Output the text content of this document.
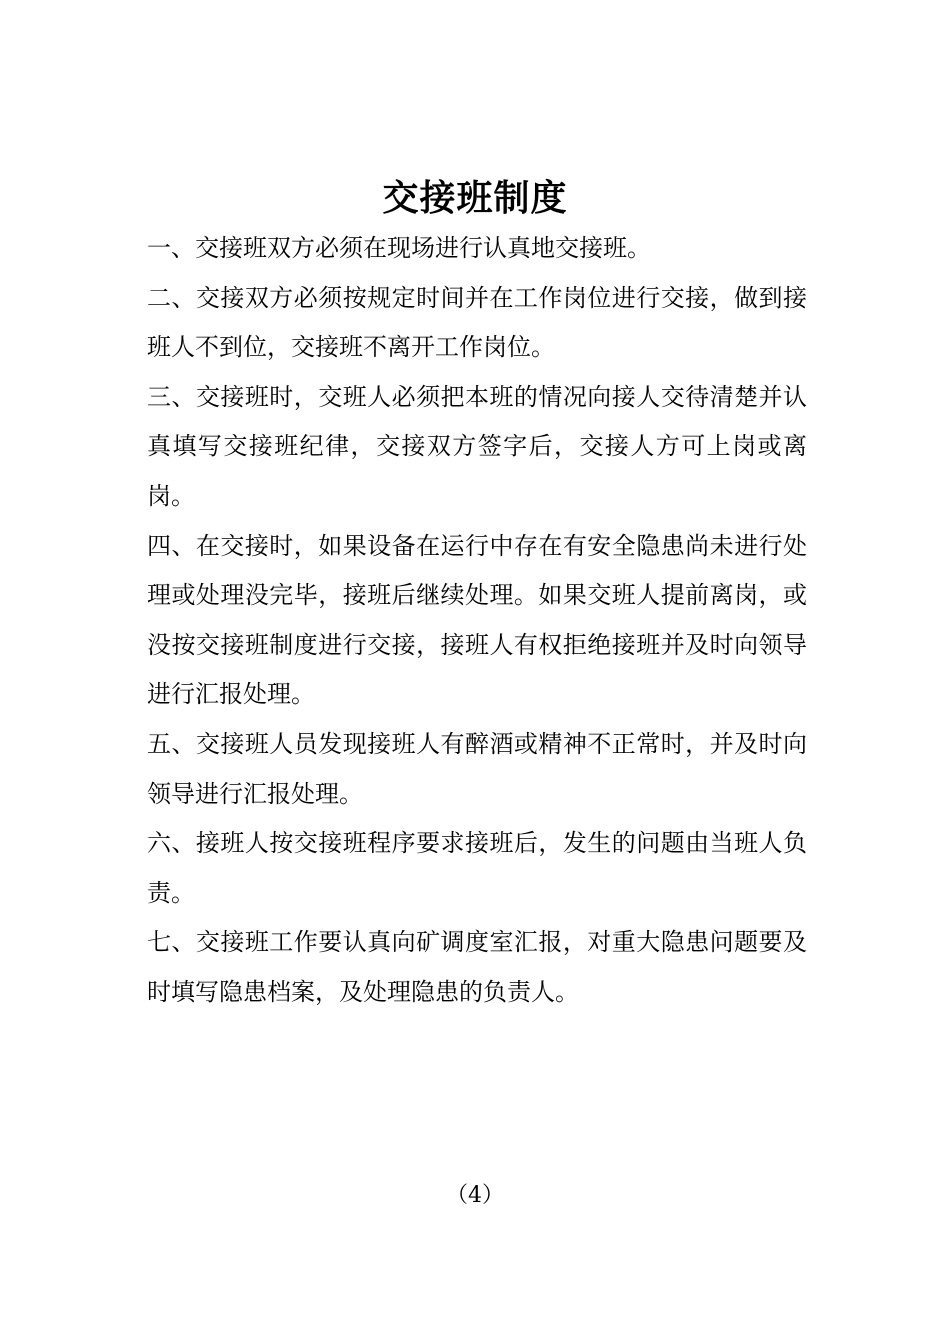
交接班制度

一、交接班双方必须在现场进行认真地交接班。

二、交接双方必须按规定时间并在工作岗位进行交接，做到接班人不到位，交接班不离开工作岗位。

三、交接班时，交班人必须把本班的情况向接人交待清楚并认真填写交接班纪律，交接双方签字后，交接人方可上岗或离岗。

四、在交接时，如果设备在运行中存在有安全隐患尚未进行处理或处理没完毕，接班后继续处理。如果交班人提前离岗，或没按交接班制度进行交接，接班人有权拒绝接班并及时向领导进行汇报处理。

五、交接班人员发现接班人有醉酒或精神不正常时，并及时向领导进行汇报处理。

六、接班人按交接班程序要求接班后，发生的问题由当班人负责。

七、交接班工作要认真向矿调度室汇报，对重大隐患问题要及时填写隐患档案，及处理隐患的负责人。

（4）
